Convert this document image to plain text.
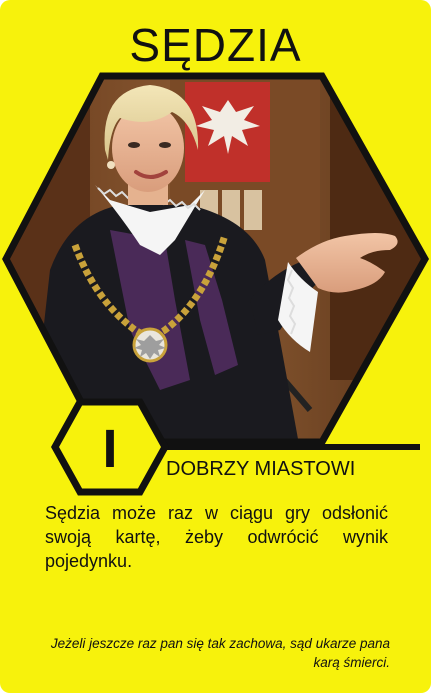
SĘDZIA
I	DOBRZY MIASTOWI
Sędzia może raz w ciągu gry odsłonić swoją kartę, żeby odwrócić wynik pojedynku.
Jeżeli jeszcze raz pan się tak zachowa, sąd ukarze pana karą śmierci.
